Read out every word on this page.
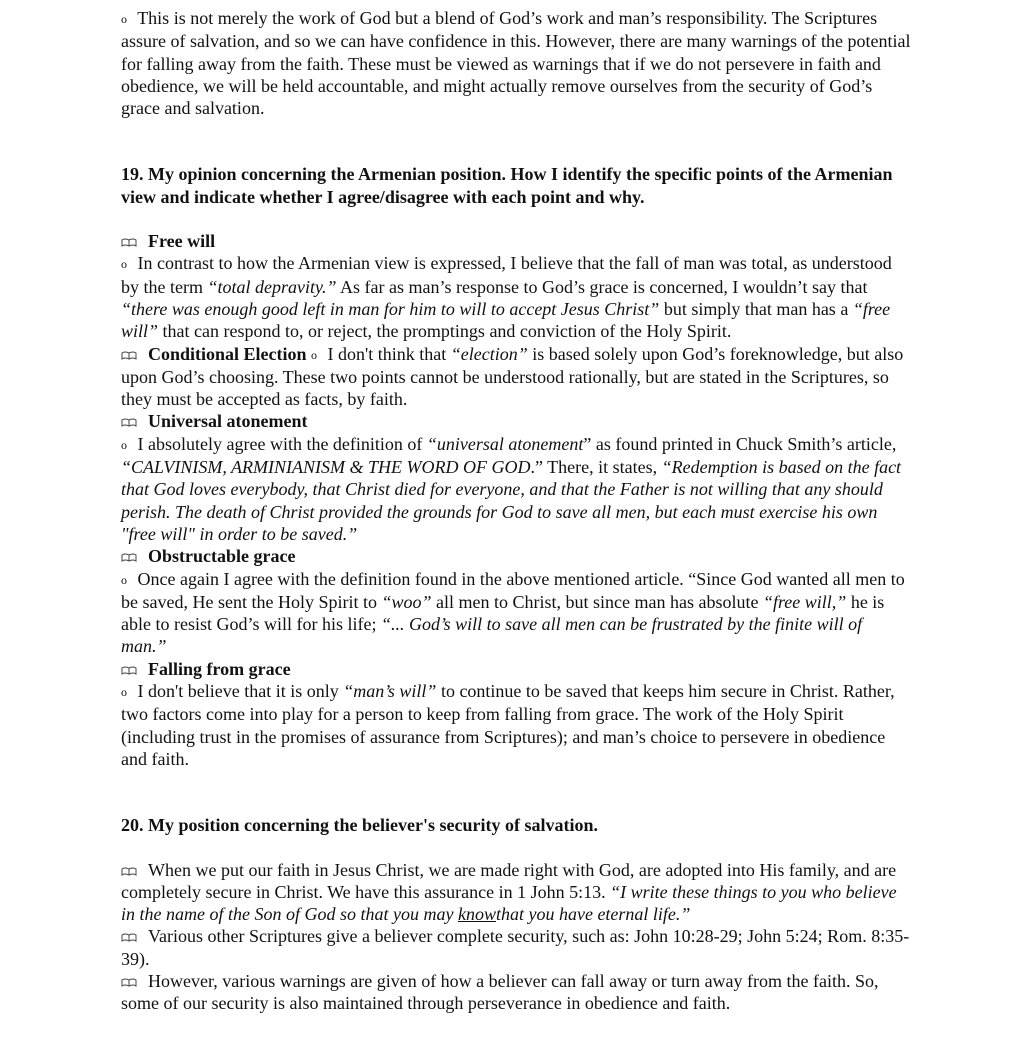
o This is not merely the work of God but a blend of God’s work and man’s responsibility. The Scriptures assure of salvation, and so we can have confidence in this. However, there are many warnings of the potential for falling away from the faith. These must be viewed as warnings that if we do not persevere in faith and obedience, we will be held accountable, and might actually remove ourselves from the security of God’s grace and salvation.

19. My opinion concerning the Armenian position. How I identify the specific points of the Armenian view and indicate whether I agree/disagree with each point and why.

Free will

o In contrast to how the Armenian view is expressed, I believe that the fall of man was total, as understood by the term “total depravity.” As far as man’s response to God’s grace is concerned, I wouldn’t say that “there was enough good left in man for him to will to accept Jesus Christ” but simply that man has a “free will” that can respond to, or reject, the promptings and conviction of the Holy Spirit.

Conditional Election o I don't think that “election” is based solely upon God’s foreknowledge, but also upon God’s choosing. These two points cannot be understood rationally, but are stated in the Scriptures, so they must be accepted as facts, by faith.

Universal atonement

o I absolutely agree with the definition of “universal atonement” as found printed in Chuck Smith’s article, “CALVINISM, ARMINIANISM & THE WORD OF GOD.” There, it states, “Redemption is based on the fact that God loves everybody, that Christ died for everyone, and that the Father is not willing that any should perish. The death of Christ provided the grounds for God to save all men, but each must exercise his own "free will" in order to be saved.”

Obstructable grace

o Once again I agree with the definition found in the above mentioned article. “Since God wanted all men to be saved, He sent the Holy Spirit to “woo” all men to Christ, but since man has absolute “free will,” he is able to resist God’s will for his life; “... God’s will to save all men can be frustrated by the finite will of man.”

Falling from grace

o I don't believe that it is only “man’s will” to continue to be saved that keeps him secure in Christ. Rather, two factors come into play for a person to keep from falling from grace. The work of the Holy Spirit (including trust in the promises of assurance from Scriptures); and man’s choice to persevere in obedience and faith.

20. My position concerning the believer's security of salvation.

When we put our faith in Jesus Christ, we are made right with God, are adopted into His family, and are completely secure in Christ. We have this assurance in 1 John 5:13. “I write these things to you who believe in the name of the Son of God so that you may knowthat you have eternal life.”

Various other Scriptures give a believer complete security, such as: John 10:28-29; John 5:24; Rom. 8:35-39).

However, various warnings are given of how a believer can fall away or turn away from the faith. So, some of our security is also maintained through perseverance in obedience and faith.
